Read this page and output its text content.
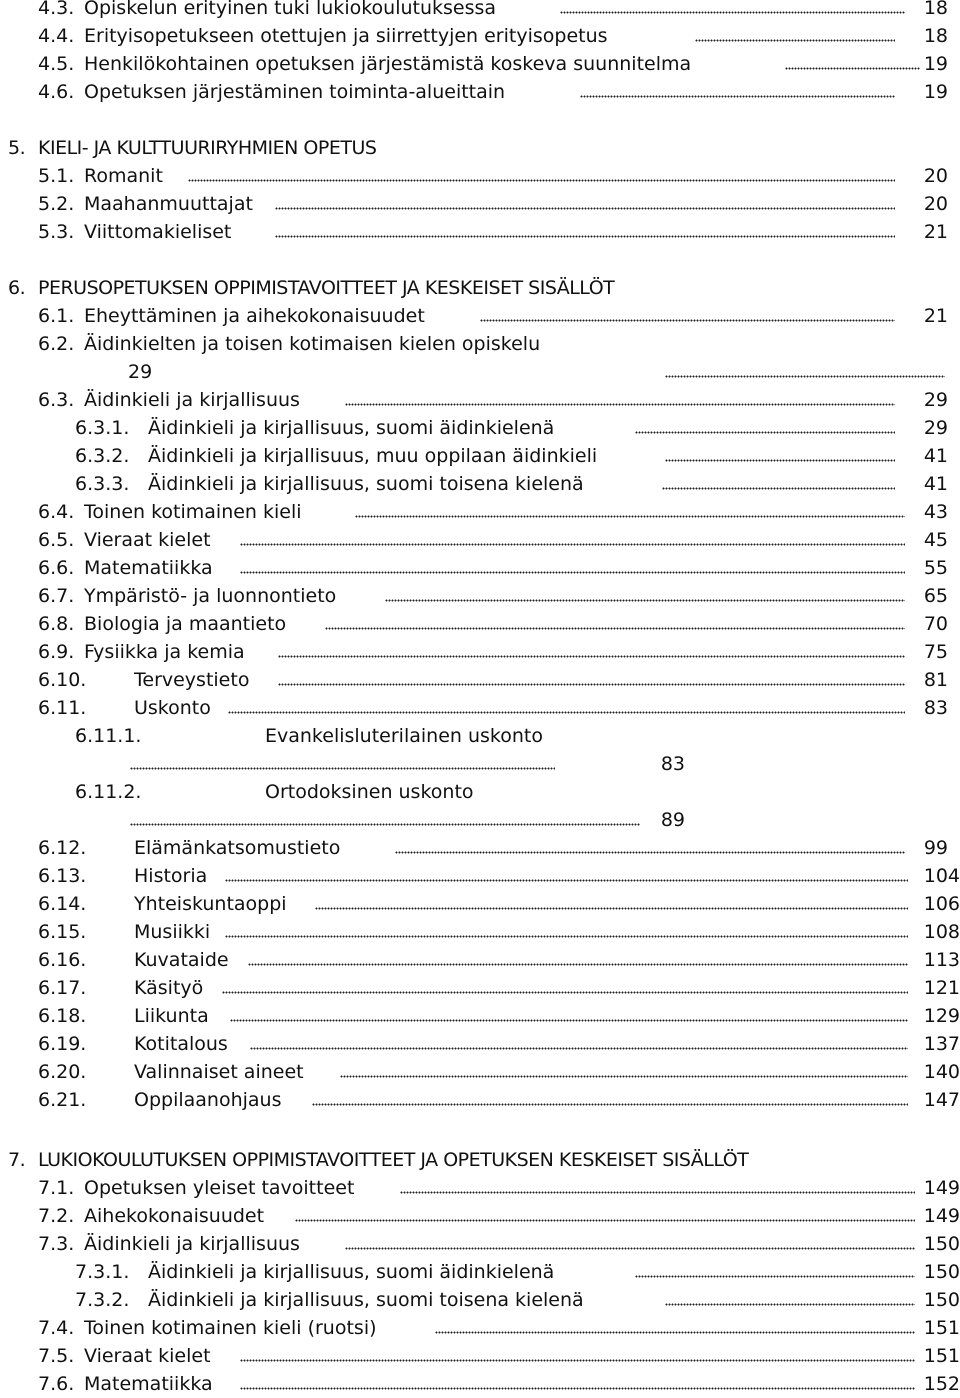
4.3. Opiskelun erityinen tuki lukiokoulutuksessa	18
4.4. Erityisopetukseen otettujen ja siirrettyjen erityisopetus	18
4.5. Henkilökohtainen opetuksen järjestämistä koskeva suunnitelma	19
4.6. Opetuksen järjestäminen toiminta-alueittain	19
5. KIELI- JA KULTTUURIRYHMIEN OPETUS
5.1. Romanit	20
5.2. Maahanmuuttajat	20
5.3. Viittomakieliset	21
6. PERUSOPETUKSEN OPPIMISTAVOITTEET JA KESKEISET SISÄLLÖT
6.1. Eheyttäminen ja aihekokonaisuudet	21
6.2. Äidinkielten ja toisen kotimaisen kielen opiskelu
29
6.3. Äidinkieli ja kirjallisuus	29
6.3.1. Äidinkieli ja kirjallisuus, suomi äidinkielenä	29
6.3.2. Äidinkieli ja kirjallisuus, muu oppilaan äidinkieli	41
6.3.3. Äidinkieli ja kirjallisuus, suomi toisena kielenä	41
6.4. Toinen kotimainen kieli	43
6.5. Vieraat kielet	45
6.6. Matematiikka	55
6.7. Ympäristö- ja luonnontieto	65
6.8. Biologia ja maantieto	70
6.9. Fysiikka ja kemia	75
6.10.	Terveystieto	81
6.11.	Uskonto	83
6.11.1.	Evankelisluterilainen uskonto
83
6.11.2.	Ortodoksinen uskonto
89
6.12.	Elämänkatsomustieto	99
6.13.	Historia	104
6.14.	Yhteiskuntaoppi	106
6.15.	Musiikki	108
6.16.	Kuvataide	113
6.17.	Käsityö	121
6.18.	Liikunta	129
6.19.	Kotitalous	137
6.20.	Valinnaiset aineet	140
6.21.	Oppilaanohjaus	147
7. LUKIOKOULUTUKSEN OPPIMISTAVOITTEET JA OPETUKSEN KESKEISET SISÄLLÖT
7.1. Opetuksen yleiset tavoitteet	149
7.2. Aihekokonaisuudet	149
7.3. Äidinkieli ja kirjallisuus	150
7.3.1. Äidinkieli ja kirjallisuus, suomi äidinkielenä	150
7.3.2. Äidinkieli ja kirjallisuus, suomi toisena kielenä	150
7.4. Toinen kotimainen kieli (ruotsi)	151
7.5. Vieraat kielet	151
7.6. Matematiikka	152
